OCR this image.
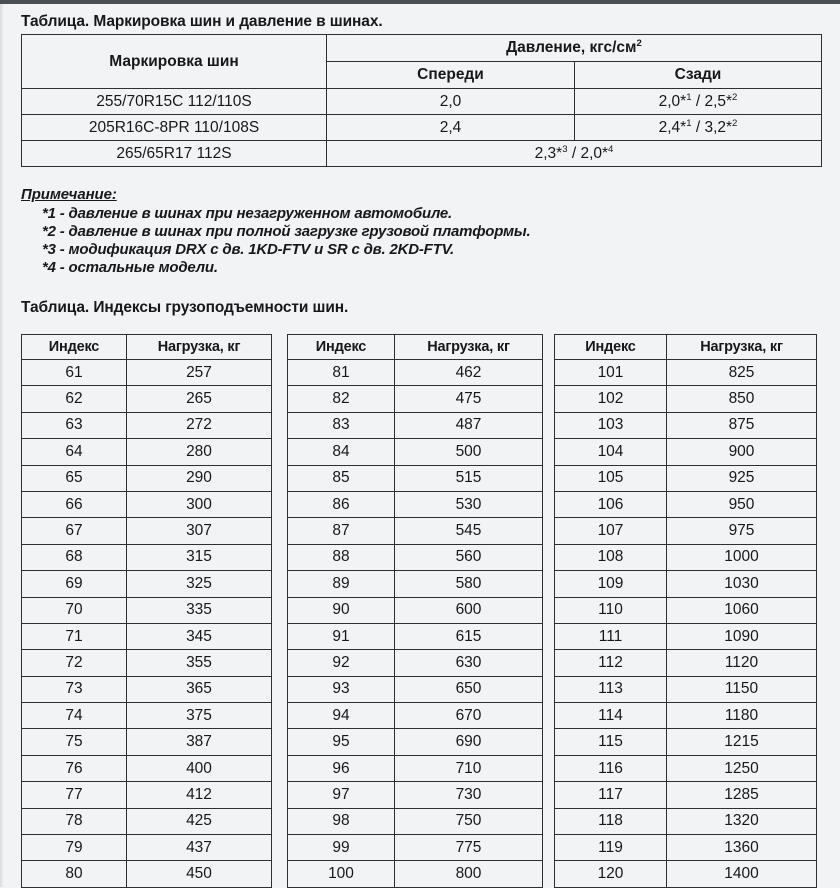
Таблица. Маркировка шин и давление в шинах.
Маркировка шин	Давление, кгс/$см^2$
	Спереди	Сзади
255/70R15C 112/110S	2,0	2,0*$^1$ / 2,5*$^2$
205R16C-8PR 110/108S	2,4	2,4*$^1$ / 3,2*$^2$
265/65R17 112S	2,3*$^3$ / 2,0*$^4$

Примечание:

*1 - давление в шинах при незагруженном автомобиле.

*2 - давление в шинах при полной загрузке грузовой платформы.

*3 - модификация DRX с дв. 1KD-FTV и SR с дв. 2KD-FTV.

*4 - остальные модели.

Таблица. Индексы грузоподъемности шин.
Индекс	Нагрузка, кг
61	257
62	265
63	272
64	280
65	290
66	300
67	307
68	315
69	325
70	335
71	345
72	355
73	365
74	375
75	387
76	400
77	412
78	425
79	437
80	450
Индекс	Нагрузка, кг
81	462
82	475
83	487
84	500
85	515
86	530
87	545
88	560
89	580
90	600
91	615
92	630
93	650
94	670
95	690
96	710
97	730
98	750
99	775
100	800
Индекс	Нагрузка, кг
101	825
102	850
103	875
104	900
105	925
106	950
107	975
108	1000
109	1030
110	1060
111	1090
112	1120
113	1150
114	1180
115	1215
116	1250
117	1285
118	1320
119	1360
120	1400
